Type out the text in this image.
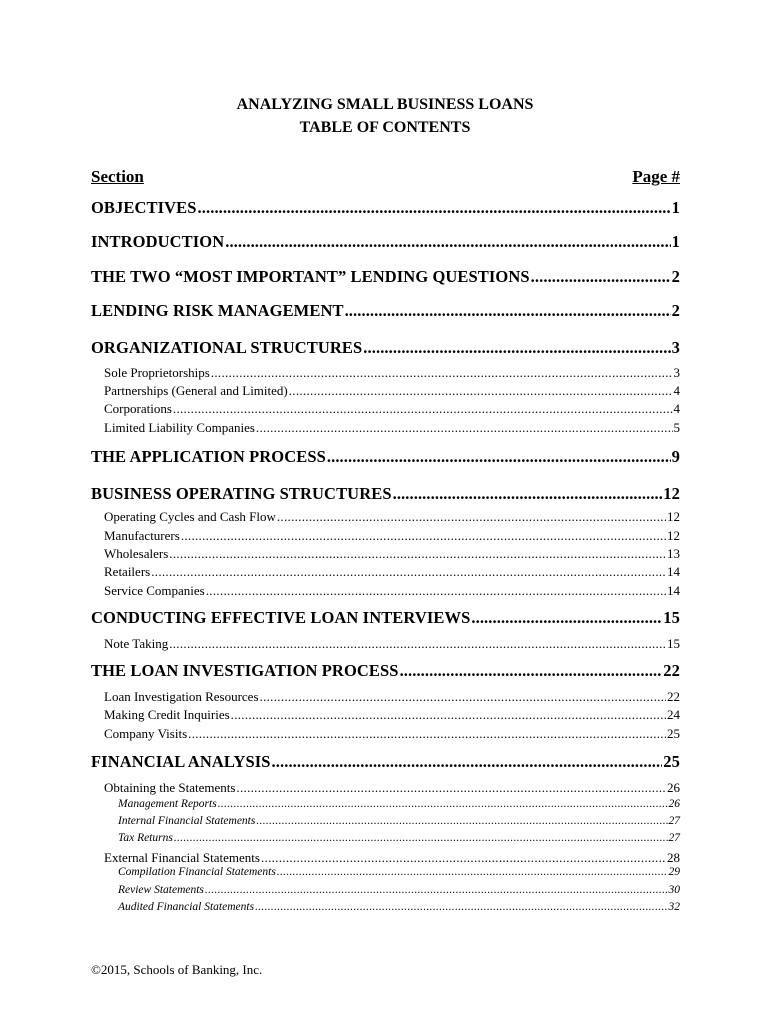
ANALYZING SMALL BUSINESS LOANS
TABLE OF CONTENTS
Section	Page #
OBJECTIVES .....	1
INTRODUCTION .....	1
THE TWO “MOST IMPORTANT” LENDING QUESTIONS .....	2
LENDING RISK MANAGEMENT .....	2
ORGANIZATIONAL STRUCTURES .....	3
Sole Proprietorships .....	3
Partnerships (General and Limited) .....	4
Corporations .....	4
Limited Liability Companies .....	5
THE APPLICATION PROCESS .....	9
BUSINESS OPERATING STRUCTURES .....	12
Operating Cycles and Cash Flow .....	12
Manufacturers .....	12
Wholesalers .....	13
Retailers .....	14
Service Companies .....	14
CONDUCTING EFFECTIVE LOAN INTERVIEWS .....	15
Note Taking .....	15
THE LOAN INVESTIGATION PROCESS .....	22
Loan Investigation Resources .....	22
Making Credit Inquiries .....	24
Company Visits .....	25
FINANCIAL ANALYSIS .....	25
Obtaining the Statements .....	26
Management Reports .....	26
Internal Financial Statements .....	27
Tax Returns .....	27
External Financial Statements .....	28
Compilation Financial Statements .....	29
Review Statements .....	30
Audited Financial Statements .....	32
©2015, Schools of Banking, Inc.
